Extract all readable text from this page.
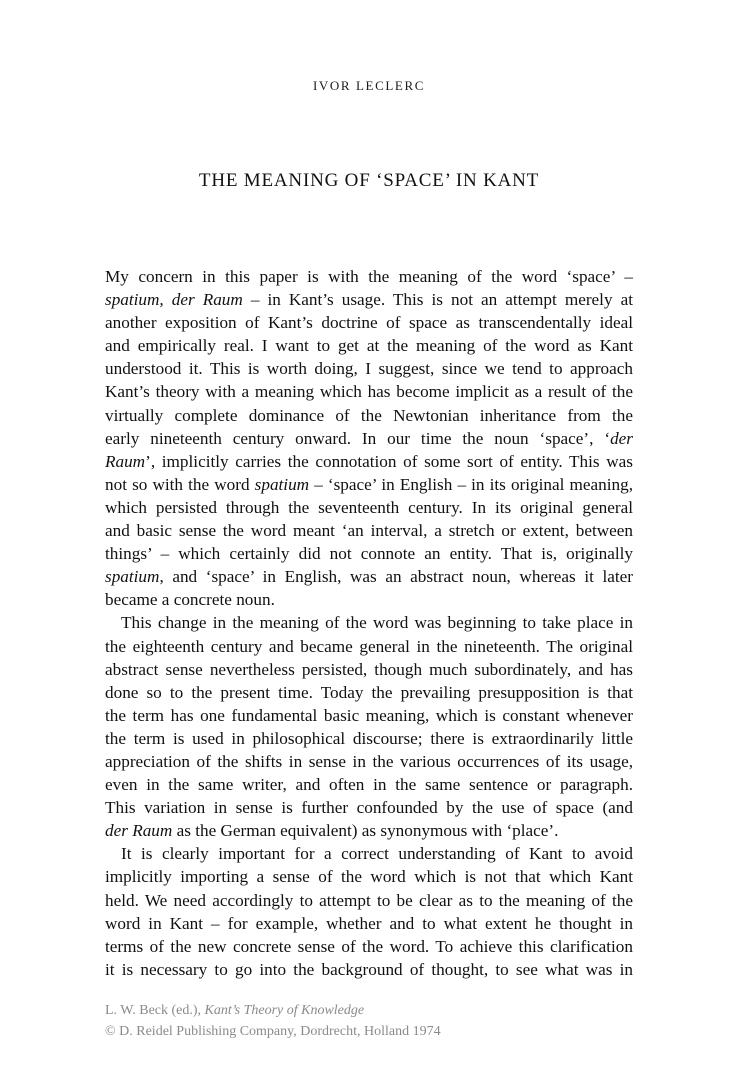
IVOR LECLERC
THE MEANING OF ‘SPACE’ IN KANT
My concern in this paper is with the meaning of the word ‘space’ –
spatium, der Raum – in Kant’s usage. This is not an attempt merely at
another exposition of Kant’s doctrine of space as transcendentally ideal
and empirically real. I want to get at the meaning of the word as Kant
understood it. This is worth doing, I suggest, since we tend to approach
Kant’s theory with a meaning which has become implicit as a result of the
virtually complete dominance of the Newtonian inheritance from the
early nineteenth century onward. In our time the noun ‘space’, ‘der
Raum’, implicitly carries the connotation of some sort of entity. This was
not so with the word spatium – ‘space’ in English – in its original meaning,
which persisted through the seventeenth century. In its original general
and basic sense the word meant ‘an interval, a stretch or extent, between
things’ – which certainly did not connote an entity. That is, originally
spatium, and ‘space’ in English, was an abstract noun, whereas it later
became a concrete noun.
This change in the meaning of the word was beginning to take place in
the eighteenth century and became general in the nineteenth. The original
abstract sense nevertheless persisted, though much subordinately, and has
done so to the present time. Today the prevailing presupposition is that
the term has one fundamental basic meaning, which is constant whenever
the term is used in philosophical discourse; there is extraordinarily little
appreciation of the shifts in sense in the various occurrences of its usage,
even in the same writer, and often in the same sentence or paragraph.
This variation in sense is further confounded by the use of space (and
der Raum as the German equivalent) as synonymous with ‘place’.
It is clearly important for a correct understanding of Kant to avoid
implicitly importing a sense of the word which is not that which Kant
held. We need accordingly to attempt to be clear as to the meaning of the
word in Kant – for example, whether and to what extent he thought in
terms of the new concrete sense of the word. To achieve this clarification
it is necessary to go into the background of thought, to see what was in
L. W. Beck (ed.), Kant’s Theory of Knowledge
© D. Reidel Publishing Company, Dordrecht, Holland 1974
